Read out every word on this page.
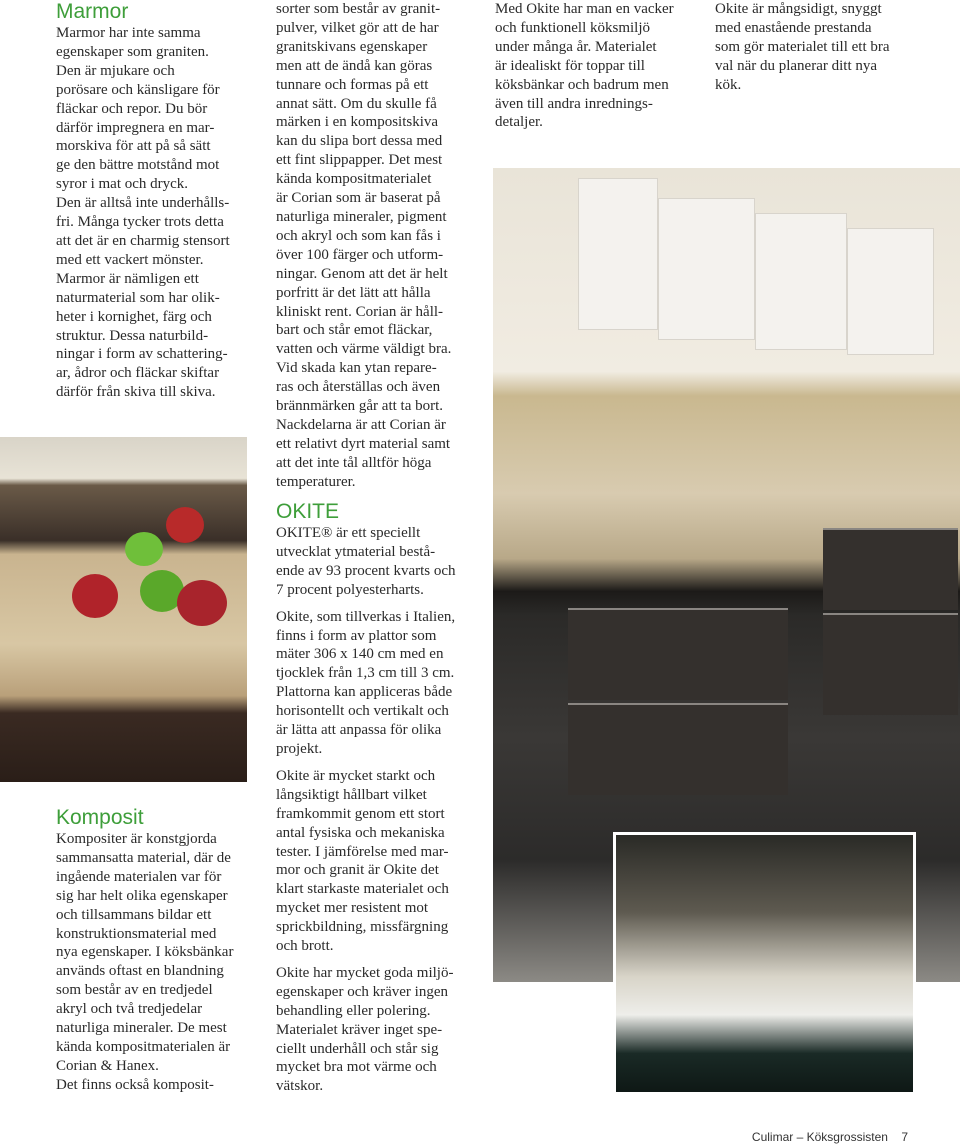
Marmor
Marmor har inte samma
egenskaper som graniten.
Den är mjukare och
porösare och känsligare för
fläckar och repor. Du bör
därför impregnera en mar-
morskiva för att på så sätt
ge den bättre motstånd mot
syror i mat och dryck.
Den är alltså inte underhålls-
fri. Många tycker trots detta
att det är en charmig stensort
med ett vackert mönster.
Marmor är nämligen ett
naturmaterial som har olik-
heter i kornighet, färg och
struktur. Dessa naturbild-
ningar i form av schattering-
ar, ådror och fläckar skiftar
därför från skiva till skiva.
Komposit
Kompositer är konstgjorda
sammansatta material, där de
ingående materialen var för
sig har helt olika egenskaper
och tillsammans bildar ett
konstruktionsmaterial med
nya egenskaper. I köksbänkar
används oftast en blandning
som består av en tredjedel
akryl och två tredjedelar
naturliga mineraler. De mest
kända kompositmaterialen är
Corian & Hanex.
Det finns också komposit-
sorter som består av granit-
pulver, vilket gör att de har
granitskivans egenskaper
men att de ändå kan göras
tunnare och formas på ett
annat sätt. Om du skulle få
märken i en kompositskiva
kan du slipa bort dessa med
ett fint slippapper. Det mest
kända kompositmaterialet
är Corian som är baserat på
naturliga mineraler, pigment
och akryl och som kan fås i
över 100 färger och utform-
ningar. Genom att det är helt
porfritt är det lätt att hålla
kliniskt rent. Corian är håll-
bart och står emot fläckar,
vatten och värme väldigt bra.
Vid skada kan ytan repare-
ras och återställas och även
brännmärken går att ta bort.
Nackdelarna är att Corian är
ett relativt dyrt material samt
att det inte tål alltför höga
temperaturer.
OKITE
OKITE® är ett speciellt
utvecklat ytmaterial bestå-
ende av 93 procent kvarts och
7 procent polyesterharts.
Okite, som tillverkas i Italien,
finns i form av plattor som
mäter 306 x 140 cm med en
tjocklek från 1,3 cm till 3 cm.
Plattorna kan appliceras både
horisontellt och vertikalt och
är lätta att anpassa för olika
projekt.
Okite är mycket starkt och
långsiktigt hållbart vilket
framkommit genom ett stort
antal fysiska och mekaniska
tester. I jämförelse med mar-
mor och granit är Okite det
klart starkaste materialet och
mycket mer resistent mot
sprickbildning, missfärgning
och brott.
Okite har mycket goda miljö-
egenskaper och kräver ingen
behandling eller polering.
Materialet kräver inget spe-
ciellt underhåll och står sig
mycket bra mot värme och
vätskor.
Med Okite har man en vacker
och funktionell köksmiljö
under många år. Materialet
är idealiskt för toppar till
köksbänkar och badrum men
även till andra inrednings-
detaljer.
Okite är mångsidigt, snyggt
med enastående prestanda
som gör materialet till ett bra
val när du planerar ditt nya
kök.
Culimar – Köksgrossisten 7
